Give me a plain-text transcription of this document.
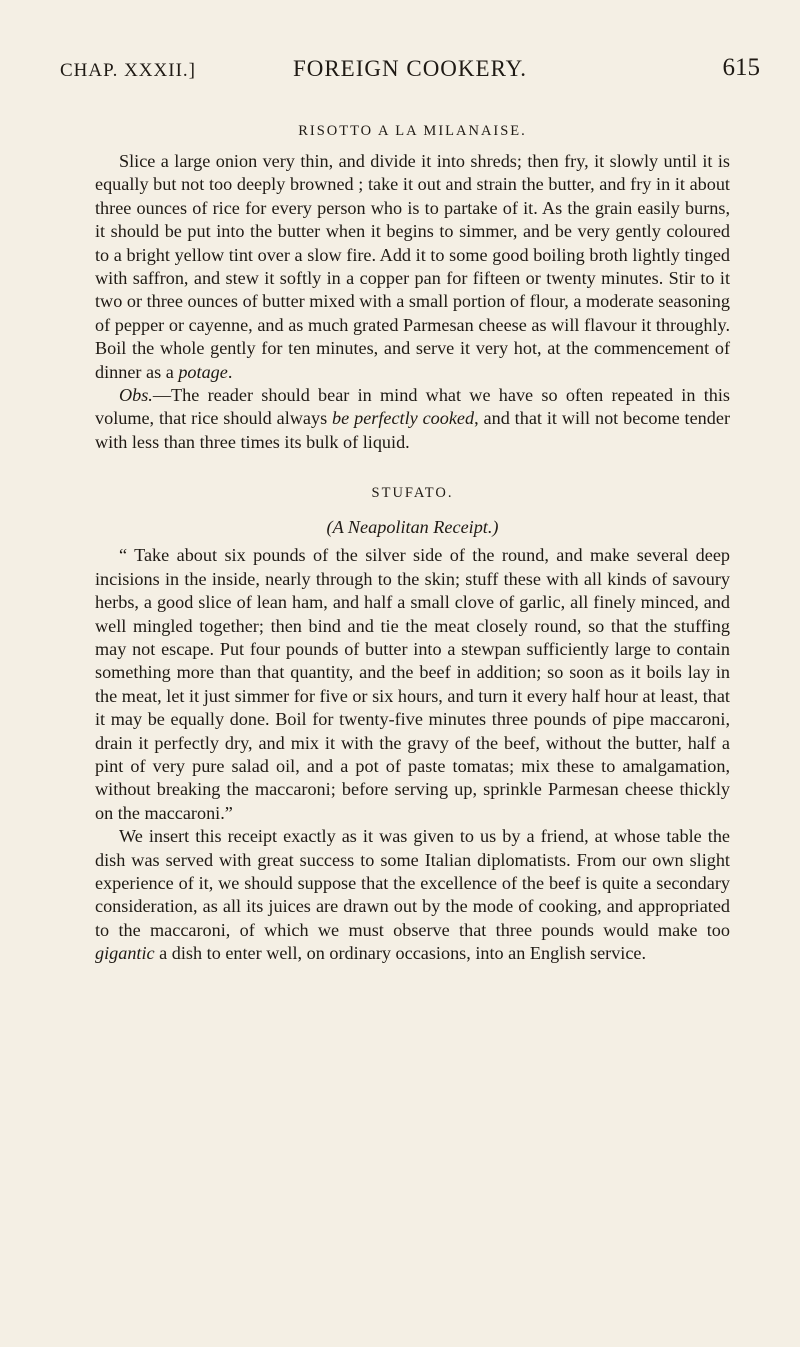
CHAP. XXXII.]	FOREIGN COOKERY.	615
RISOTTO A LA MILANAISE.

Slice a large onion very thin, and divide it into shreds; then fry, it slowly until it is equally but not too deeply browned ; take it out and strain the butter, and fry in it about three ounces of rice for every person who is to partake of it. As the grain easily burns, it should be put into the butter when it begins to simmer, and be very gently coloured to a bright yellow tint over a slow fire. Add it to some good boiling broth lightly tinged with saffron, and stew it softly in a copper pan for fifteen or twenty minutes. Stir to it two or three ounces of butter mixed with a small portion of flour, a moderate seasoning of pepper or cayenne, and as much grated Parmesan cheese as will flavour it throughly. Boil the whole gently for ten minutes, and serve it very hot, at the commencement of dinner as a potage.

Obs.—The reader should bear in mind what we have so often repeated in this volume, that rice should always be perfectly cooked, and that it will not become tender with less than three times its bulk of liquid.

STUFATO.
(A Neapolitan Receipt.)

“ Take about six pounds of the silver side of the round, and make several deep incisions in the inside, nearly through to the skin; stuff these with all kinds of savoury herbs, a good slice of lean ham, and half a small clove of garlic, all finely minced, and well mingled together; then bind and tie the meat closely round, so that the stuffing may not escape. Put four pounds of butter into a stewpan sufficiently large to contain something more than that quantity, and the beef in addition; so soon as it boils lay in the meat, let it just simmer for five or six hours, and turn it every half hour at least, that it may be equally done. Boil for twenty-five minutes three pounds of pipe maccaroni, drain it perfectly dry, and mix it with the gravy of the beef, without the butter, half a pint of very pure salad oil, and a pot of paste tomatas; mix these to amalgamation, without breaking the maccaroni; before serving up, sprinkle Parmesan cheese thickly on the maccaroni.”

We insert this receipt exactly as it was given to us by a friend, at whose table the dish was served with great success to some Italian diplomatists. From our own slight experience of it, we should suppose that the excellence of the beef is quite a secondary consideration, as all its juices are drawn out by the mode of cooking, and appropriated to the maccaroni, of which we must observe that three pounds would make too gigantic a dish to enter well, on ordinary occasions, into an English service.
